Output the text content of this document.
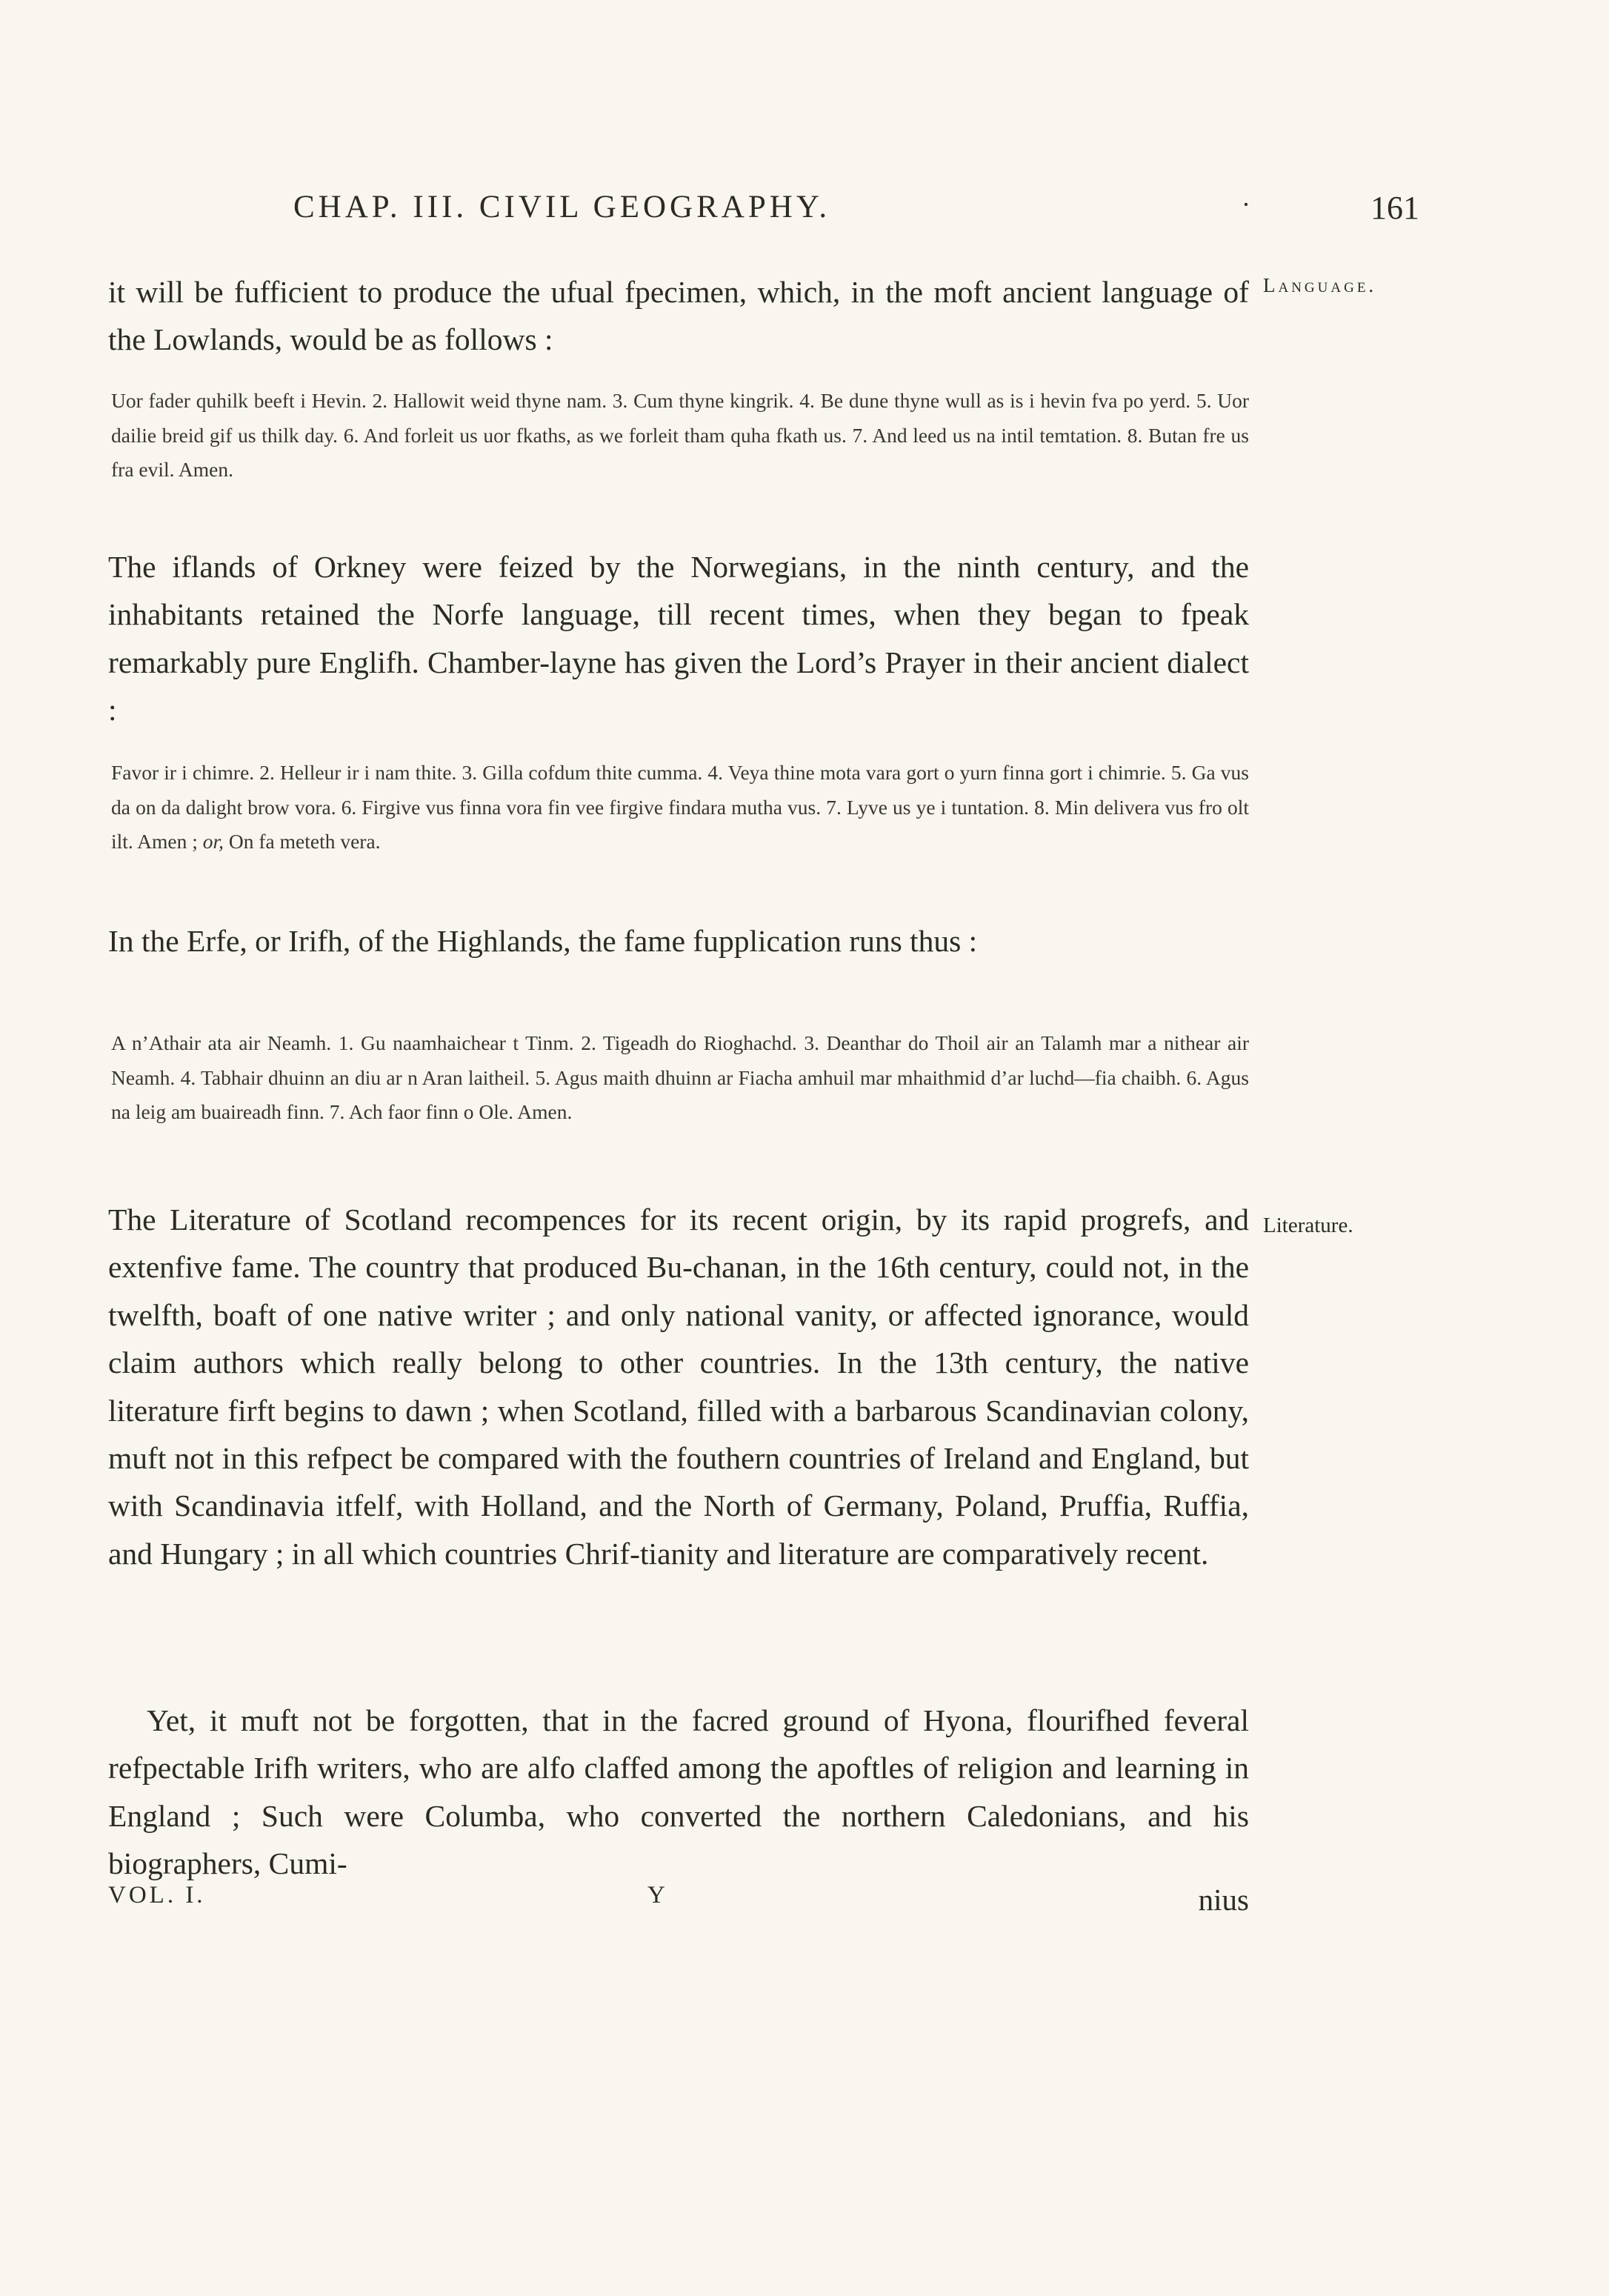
CHAP. III. CIVIL GEOGRAPHY.	·	161
Language.
Literature.

it will be fufficient to produce the ufual fpecimen, which, in the moft ancient language of the Lowlands, would be as follows :

Uor fader quhilk beeft i Hevin. 2. Hallowit weid thyne nam. 3. Cum thyne kingrik. 4. Be dune thyne wull as is i hevin fva po yerd. 5. Uor dailie breid gif us thilk day. 6. And forleit us uor fkaths, as we forleit tham quha fkath us. 7. And leed us na intil temtation. 8. Butan fre us fra evil. Amen.

The iflands of Orkney were feized by the Norwegians, in the ninth century, and the inhabitants retained the Norfe language, till recent times, when they began to fpeak remarkably pure Englifh. Chamber-layne has given the Lord’s Prayer in their ancient dialect :

Favor ir i chimre. 2. Helleur ir i nam thite. 3. Gilla cofdum thite cumma. 4. Veya thine mota vara gort o yurn finna gort i chimrie. 5. Ga vus da on da dalight brow vora. 6. Firgive vus finna vora fin vee firgive findara mutha vus. 7. Lyve us ye i tuntation. 8. Min delivera vus fro olt ilt. Amen ; or, On fa meteth vera.

In the Erfe, or Irifh, of the Highlands, the fame fupplication runs thus :

A n’Athair ata air Neamh. 1. Gu naamhaichear t Tinm. 2. Tigeadh do Rioghachd. 3. Deanthar do Thoil air an Talamh mar a nithear air Neamh. 4. Tabhair dhuinn an diu ar n Aran laitheil. 5. Agus maith dhuinn ar Fiacha amhuil mar mhaithmid d’ar luchd—fia chaibh. 6. Agus na leig am buaireadh finn. 7. Ach faor finn o Ole. Amen.

The Literature of Scotland recompences for its recent origin, by its rapid progrefs, and extenfive fame. The country that produced Bu-chanan, in the 16th century, could not, in the twelfth, boaft of one native writer ; and only national vanity, or affected ignorance, would claim authors which really belong to other countries. In the 13th century, the native literature firft begins to dawn ; when Scotland, filled with a barbarous Scandinavian colony, muft not in this refpect be compared with the fouthern countries of Ireland and England, but with Scandinavia itfelf, with Holland, and the North of Germany, Poland, Pruffia, Ruffia, and Hungary ; in all which countries Chrif-tianity and literature are comparatively recent.

Yet, it muft not be forgotten, that in the facred ground of Hyona, flourifhed feveral refpectable Irifh writers, who are alfo claffed among the apoftles of religion and learning in England ; Such were Columba, who converted the northern Caledonians, and his biographers, Cumi-

VOL. I.	Y	nius
